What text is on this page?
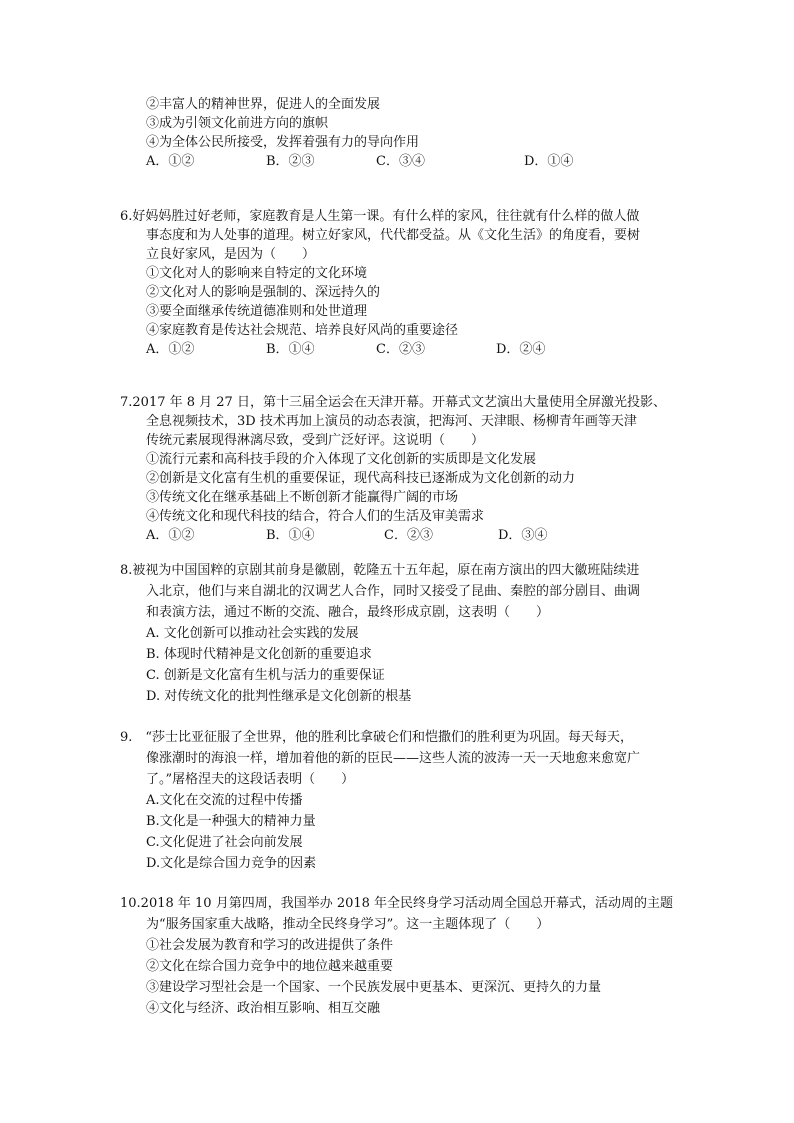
②丰富人的精神世界，促进人的全面发展
③成为引领文化前进方向的旗帜
④为全体公民所接受，发挥着强有力的导向作用
A．①②	B．②③	C．③④	D．①④
6.好妈妈胜过好老师，家庭教育是人生第一课。有什么样的家风，往往就有什么样的做人做
事态度和为人处事的道理。树立好家风，代代都受益。从《文化生活》的角度看，要树
立良好家风，是因为（　　）
①文化对人的影响来自特定的文化环境
②文化对人的影响是强制的、深远持久的
③要全面继承传统道德准则和处世道理
④家庭教育是传达社会规范、培养良好风尚的重要途径
A．①②	B．①④	C．②③	D．②④
7.2017 年 8 月 27 日，第十三届全运会在天津开幕。开幕式文艺演出大量使用全屏激光投影、
全息视频技术，3D 技术再加上演员的动态表演，把海河、天津眼、杨柳青年画等天津
传统元素展现得淋漓尽致，受到广泛好评。这说明（　　）
①流行元素和高科技手段的介入体现了文化创新的实质即是文化发展
②创新是文化富有生机的重要保证，现代高科技已逐渐成为文化创新的动力
③传统文化在继承基础上不断创新才能赢得广阔的市场
④传统文化和现代科技的结合，符合人们的生活及审美需求
A．①②	B．①④	C．②③	D．③④
8.被视为中国国粹的京剧其前身是徽剧，乾隆五十五年起，原在南方演出的四大徽班陆续进
入北京，他们与来自湖北的汉调艺人合作，同时又接受了昆曲、秦腔的部分剧目、曲调
和表演方法，通过不断的交流、融合，最终形成京剧，这表明（　　）
A. 文化创新可以推动社会实践的发展
B. 体现时代精神是文化创新的重要追求
C. 创新是文化富有生机与活力的重要保证
D. 对传统文化的批判性继承是文化创新的根基
9.　“莎士比亚征服了全世界，他的胜利比拿破仑们和恺撒们的胜利更为巩固。每天每天，
像涨潮时的海浪一样，增加着他的新的臣民——这些人流的波涛一天一天地愈来愈宽广
了。”屠格涅夫的这段话表明（　　）
A.文化在交流的过程中传播
B.文化是一种强大的精神力量
C.文化促进了社会向前发展
D.文化是综合国力竞争的因素
10.2018 年 10 月第四周，我国举办 2018 年全民终身学习活动周全国总开幕式，活动周的主题
为“服务国家重大战略，推动全民终身学习”。这一主题体现了（　　）
①社会发展为教育和学习的改进提供了条件
②文化在综合国力竞争中的地位越来越重要
③建设学习型社会是一个国家、一个民族发展中更基本、更深沉、更持久的力量
④文化与经济、政治相互影响、相互交融
